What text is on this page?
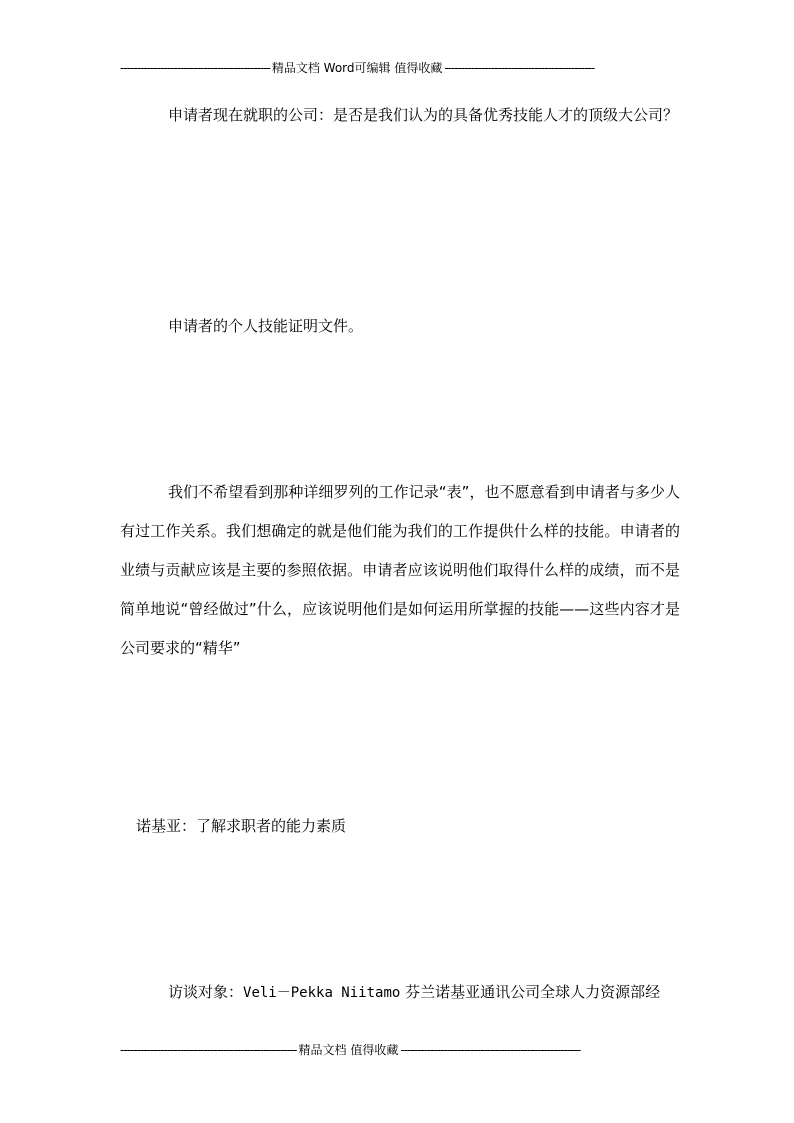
--------------------------------------------- 精品文档 Word可编辑 值得收藏 ---------------------------------------------

申请者现在就职的公司：是否是我们认为的具备优秀技能人才的顶级大公司？

申请者的个人技能证明文件。

我们不希望看到那种详细罗列的工作记录“表”，也不愿意看到申请者与多少人有过工作关系。我们想确定的就是他们能为我们的工作提供什么样的技能。申请者的业绩与贡献应该是主要的参照依据。申请者应该说明他们取得什么样的成绩，而不是简单地说“曾经做过”什么，应该说明他们是如何运用所掌握的技能——这些内容才是公司要求的“精华”

诺基亚：了解求职者的能力素质
访谈对象：Veli－Pekka Niitamo 芬兰诺基亚通讯公司全球人力资源部经
----------------------------------------------------- 精品文档 值得收藏 ------------------------------------------------------
